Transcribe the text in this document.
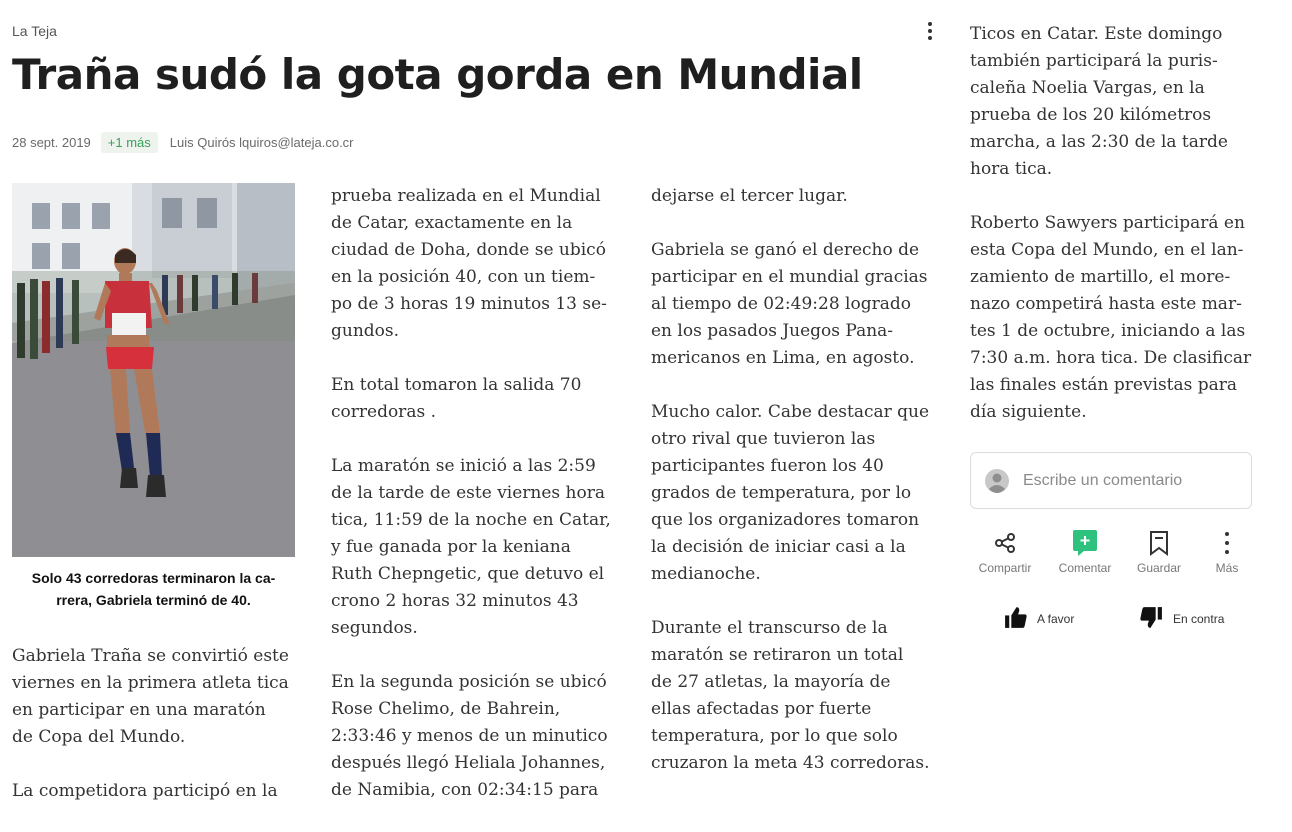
La Teja
Traña sudó la gota gorda en Mundial
28 sept. 2019	+1 más	Luis Quirós lquiros@lateja.co.cr
Solo 43 corredoras terminaron la ca-
rrera, Gabriela terminó de 40.

Gabriela Traña se convirtió este
viernes en la primera atleta tica
en participar en una maratón
de Copa del Mundo.

La competidora participó en la

prueba realizada en el Mundial
de Catar, exactamente en la
ciudad de Doha, donde se ubicó
en la posición 40, con un tiem-
po de 3 horas 19 minutos 13 se-
gundos.

En total tomaron la salida 70
corredoras .

La maratón se inició a las 2:59
de la tarde de este viernes hora
tica, 11:59 de la noche en Catar,
y fue ganada por la keniana
Ruth Chepngetic, que detuvo el
crono 2 horas 32 minutos 43
segundos.

En la segunda posición se ubicó
Rose Chelimo, de Bahrein,
2:33:46 y menos de un minutico
después llegó Heliala Johannes,
de Namibia, con 02:34:15 para

dejarse el tercer lugar.

Gabriela se ganó el derecho de
participar en el mundial gracias
al tiempo de 02:49:28 logrado
en los pasados Juegos Pana-
mericanos en Lima, en agosto.

Mucho calor. Cabe destacar que
otro rival que tuvieron las
participantes fueron los 40
grados de temperatura, por lo
que los organizadores tomaron
la decisión de iniciar casi a la
medianoche.

Durante el transcurso de la
maratón se retiraron un total
de 27 atletas, la mayoría de
ellas afectadas por fuerte
temperatura, por lo que solo
cruzaron la meta 43 corredoras.

Ticos en Catar. Este domingo
también participará la puris-
caleña Noelia Vargas, en la
prueba de los 20 kilómetros
marcha, a las 2:30 de la tarde
hora tica.

Roberto Sawyers participará en
esta Copa del Mundo, en el lan-
zamiento de martillo, el more-
nazo competirá hasta este mar-
tes 1 de octubre, iniciando a las
7:30 a.m. hora tica. De clasificar
las finales están previstas para
día siguiente.

Escribe un comentario
Compartir	Comentar	Guardar	Más
A favor	En contra
